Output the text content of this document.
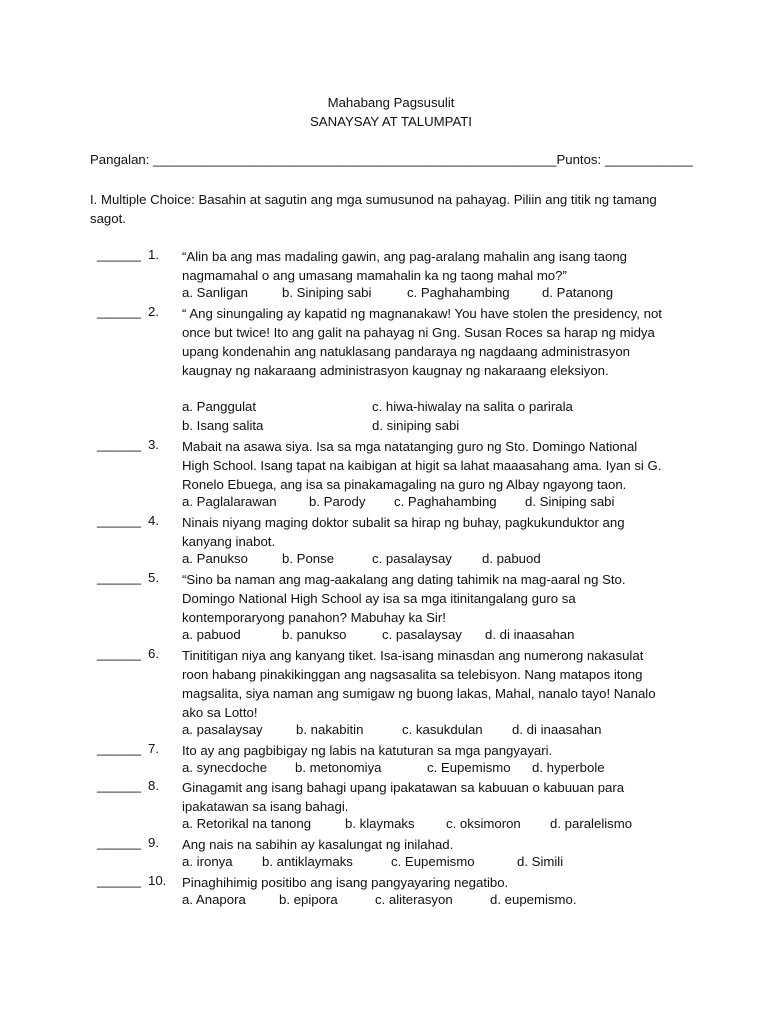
Mahabang Pagsusulit
SANAYSAY AT TALUMPATI
Pangalan: _______________________________________________________Puntos: ____________
I. Multiple Choice: Basahin at sagutin ang mga sumusunod na pahayag. Piliin ang titik ng tamang sagot.
______ 1. “Alin ba ang mas madaling gawin, ang pag-aralang mahalin ang isang taong nagmamahal o ang umasang mamahalin ka ng taong mahal mo?”
a. Sanligan	b. Siniping sabi	c. Paghahambing d. Patanong
______ 2. “ Ang sinungaling ay kapatid ng magnanakaw! You have stolen the presidency, not once but twice! Ito ang galit na pahayag ni Gng. Susan Roces sa harap ng midya upang kondenahin ang natuklasang pandaraya ng nagdaang administrasyon kaugnay ng nakaraang administrasyon kaugnay ng nakaraang eleksiyon.
a. Panggulat	c. hiwa-hiwalay na salita o parirala
b. Isang salita	d. siniping sabi
______ 3. Mabait na asawa siya. Isa sa mga natatanging guro ng Sto. Domingo National High School. Isang tapat na kaibigan at higit sa lahat maaasahang ama. Iyan si G. Ronelo Ebuega, ang isa sa pinakamagaling na guro ng Albay ngayong taon.
a. Paglalarawan b. Parody c. Paghahambing d. Siniping sabi
______ 4. Ninais niyang maging doktor subalit sa hirap ng buhay, pagkukunduktor ang kanyang inabot.
a. Panukso	b. Ponse	c. pasalaysay d. pabuod
______ 5. “Sino ba naman ang mag-aakalang ang dating tahimik na mag-aaral ng Sto. Domingo National High School ay isa sa mga itinitangalang guro sa kontemporaryong panahon? Mabuhay ka Sir!
a. pabuod	b. panukso	c. pasalaysay d. di inaasahan
______ 6. Tinititigan niya ang kanyang tiket. Isa-isang minasdan ang numerong nakasulat roon habang pinakikinggan ang nagsasalita sa telebisyon. Nang matapos itong magsalita, siya naman ang sumigaw ng buong lakas, Mahal, nanalo tayo! Nanalo ako sa Lotto!
a. pasalaysay	b. nakabitin	c. kasukdulan d. di inaasahan
______ 7. Ito ay ang pagbibigay ng labis na katuturan sa mga pangyayari.
a. synecdoche b. metonomiya	c. Eupemismo d. hyperbole
______ 8. Ginagamit ang isang bahagi upang ipakatawan sa kabuuan o kabuuan para ipakatawan sa isang bahagi.
a. Retorikal na tanong	b. klaymaks c. oksimoron d. paralelismo
______ 9. Ang nais na sabihin ay kasalungat ng inilahad.
a. ironya b. antiklaymaks	c. Eupemismo	d. Simili
______ 10. Pinaghihimig positibo ang isang pangyayaring negatibo.
a. Anapora	b. epipora	c. aliterasyon	d. eupemismo.
